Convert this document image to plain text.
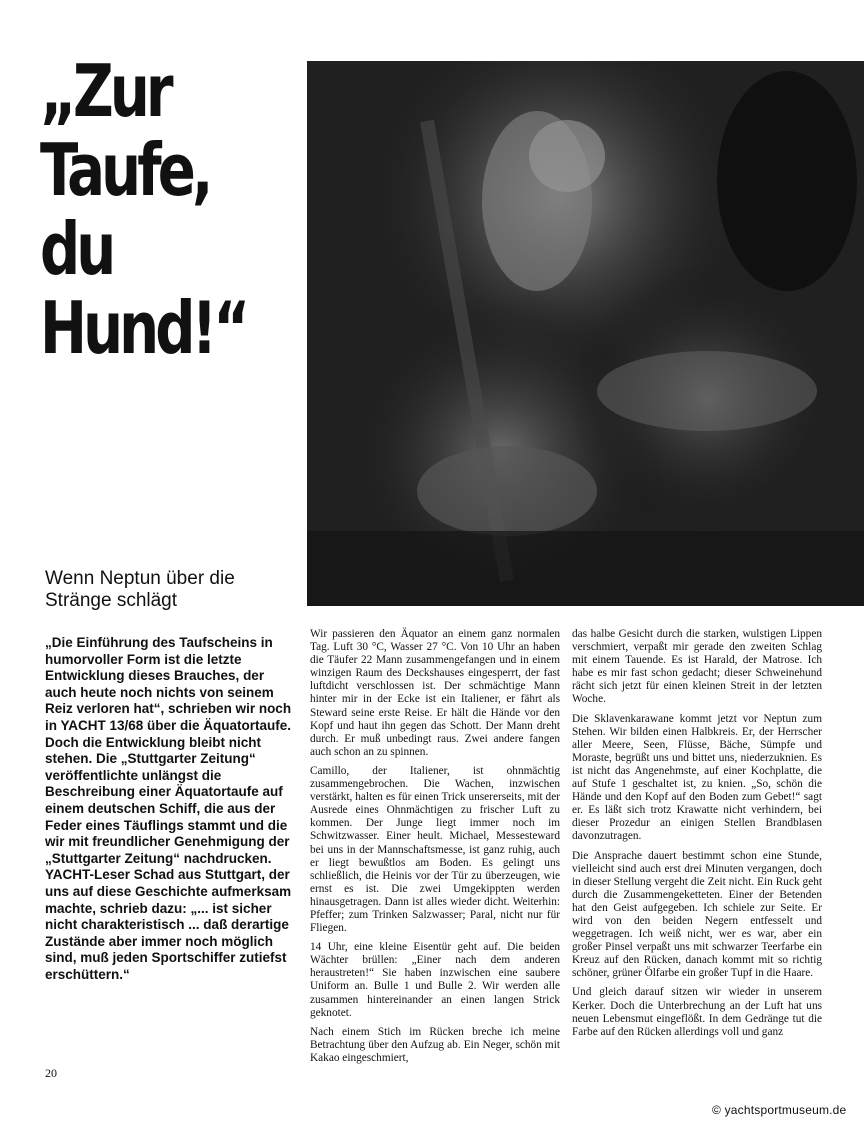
„Zur
Taufe,
du
Hund!“
Wenn Neptun über die Stränge schlägt

„Die Einführung des Taufscheins in humorvoller Form ist die letzte Entwicklung dieses Brauches, der auch heute noch nichts von seinem Reiz verloren hat“, schrieben wir noch in YACHT 13/68 über die Äquatortaufe. Doch die Entwicklung bleibt nicht stehen. Die „Stuttgarter Zeitung“ veröffentlichte unlängst die Beschreibung einer Äquatortaufe auf einem deutschen Schiff, die aus der Feder eines Täuflings stammt und die wir mit freundlicher Genehmigung der „Stuttgarter Zeitung“ nachdrucken. YACHT-Leser Schad aus Stuttgart, der uns auf diese Geschichte aufmerksam machte, schrieb dazu: „... ist sicher nicht charakteristisch ... daß derartige Zustände aber immer noch möglich sind, muß jeden Sportschiffer zutiefst erschüttern.“

Wir passieren den Äquator an einem ganz normalen Tag. Luft 30 °C, Wasser 27 °C. Von 10 Uhr an haben die Täufer 22 Mann zusammengefangen und in einem winzigen Raum des Deckshauses eingesperrt, der fast luftdicht verschlossen ist. Der schmächtige Mann hinter mir in der Ecke ist ein Italiener, er fährt als Steward seine erste Reise. Er hält die Hände vor den Kopf und haut ihn gegen das Schott. Der Mann dreht durch. Er muß unbedingt raus. Zwei andere fangen auch schon an zu spinnen.

Camillo, der Italiener, ist ohnmächtig zusammengebrochen. Die Wachen, inzwischen verstärkt, halten es für einen Trick unsererseits, mit der Ausrede eines Ohnmächtigen zu frischer Luft zu kommen. Der Junge liegt immer noch im Schwitzwasser. Einer heult. Michael, Messesteward bei uns in der Mannschaftsmesse, ist ganz ruhig, auch er liegt bewußtlos am Boden. Es gelingt uns schließlich, die Heinis vor der Tür zu überzeugen, wie ernst es ist. Die zwei Umgekippten werden hinausgetragen. Dann ist alles wieder dicht. Weiterhin: Pfeffer; zum Trinken Salzwasser; Paral, nicht nur für Fliegen.

14 Uhr, eine kleine Eisentür geht auf. Die beiden Wächter brüllen: „Einer nach dem anderen heraustreten!“ Sie haben inzwischen eine saubere Uniform an. Bulle 1 und Bulle 2. Wir werden alle zusammen hintereinander an einen langen Strick geknotet.

Nach einem Stich im Rücken breche ich meine Betrachtung über den Aufzug ab. Ein Neger, schön mit Kakao eingeschmiert,

das halbe Gesicht durch die starken, wulstigen Lippen verschmiert, verpaßt mir gerade den zweiten Schlag mit einem Tauende. Es ist Harald, der Matrose. Ich habe es mir fast schon gedacht; dieser Schweinehund rächt sich jetzt für einen kleinen Streit in der letzten Woche.

Die Sklavenkarawane kommt jetzt vor Neptun zum Stehen. Wir bilden einen Halbkreis. Er, der Herrscher aller Meere, Seen, Flüsse, Bäche, Sümpfe und Moraste, begrüßt uns und bittet uns, niederzuknien. Es ist nicht das Angenehmste, auf einer Kochplatte, die auf Stufe 1 geschaltet ist, zu knien. „So, schön die Hände und den Kopf auf den Boden zum Gebet!“ sagt er. Es läßt sich trotz Krawatte nicht verhindern, bei dieser Prozedur an einigen Stellen Brandblasen davonzutragen.

Die Ansprache dauert bestimmt schon eine Stunde, vielleicht sind auch erst drei Minuten vergangen, doch in dieser Stellung vergeht die Zeit nicht. Ein Ruck geht durch die Zusammengeketteten. Einer der Betenden hat den Geist aufgegeben. Ich schiele zur Seite. Er wird von den beiden Negern entfesselt und weggetragen. Ich weiß nicht, wer es war, aber ein großer Pinsel verpaßt uns mit schwarzer Teerfarbe ein Kreuz auf den Rücken, danach kommt mit so richtig schöner, grüner Ölfarbe ein großer Tupf in die Haare.

Und gleich darauf sitzen wir wieder in unserem Kerker. Doch die Unterbrechung an der Luft hat uns neuen Lebensmut eingeflößt. In dem Gedränge tut die Farbe auf den Rücken allerdings voll und ganz

20
© yachtsportmuseum.de
